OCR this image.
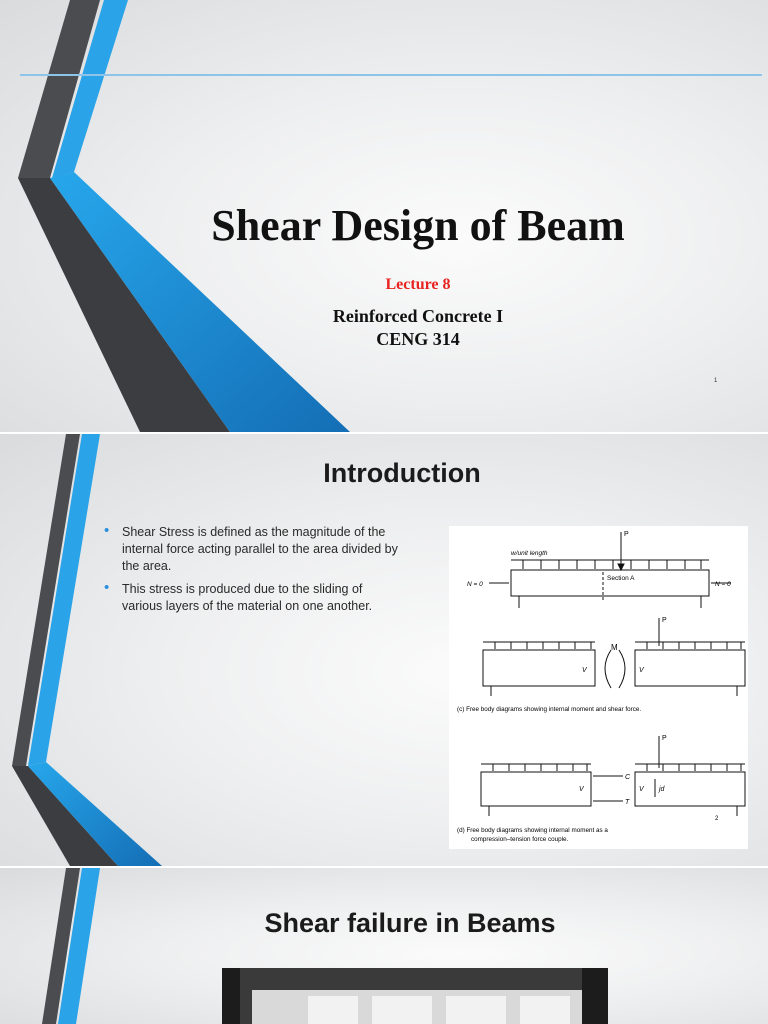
Shear Design of Beam
Lecture 8
Reinforced Concrete I
CENG 314
1
Introduction
• Shear Stress is defined as the magnitude of the internal force acting parallel to the area divided by the area.
• This stress is produced due to the sliding of various layers of the material on one another.
P
w/unit length
Section A
N = 0	N = 0
P
M
V	V
(c) Free body diagrams showing internal moment and shear force.
P
C
T
V	V jd
2
(d) Free body diagrams showing internal moment as a
compression–tension force couple.
Shear failure in Beams
